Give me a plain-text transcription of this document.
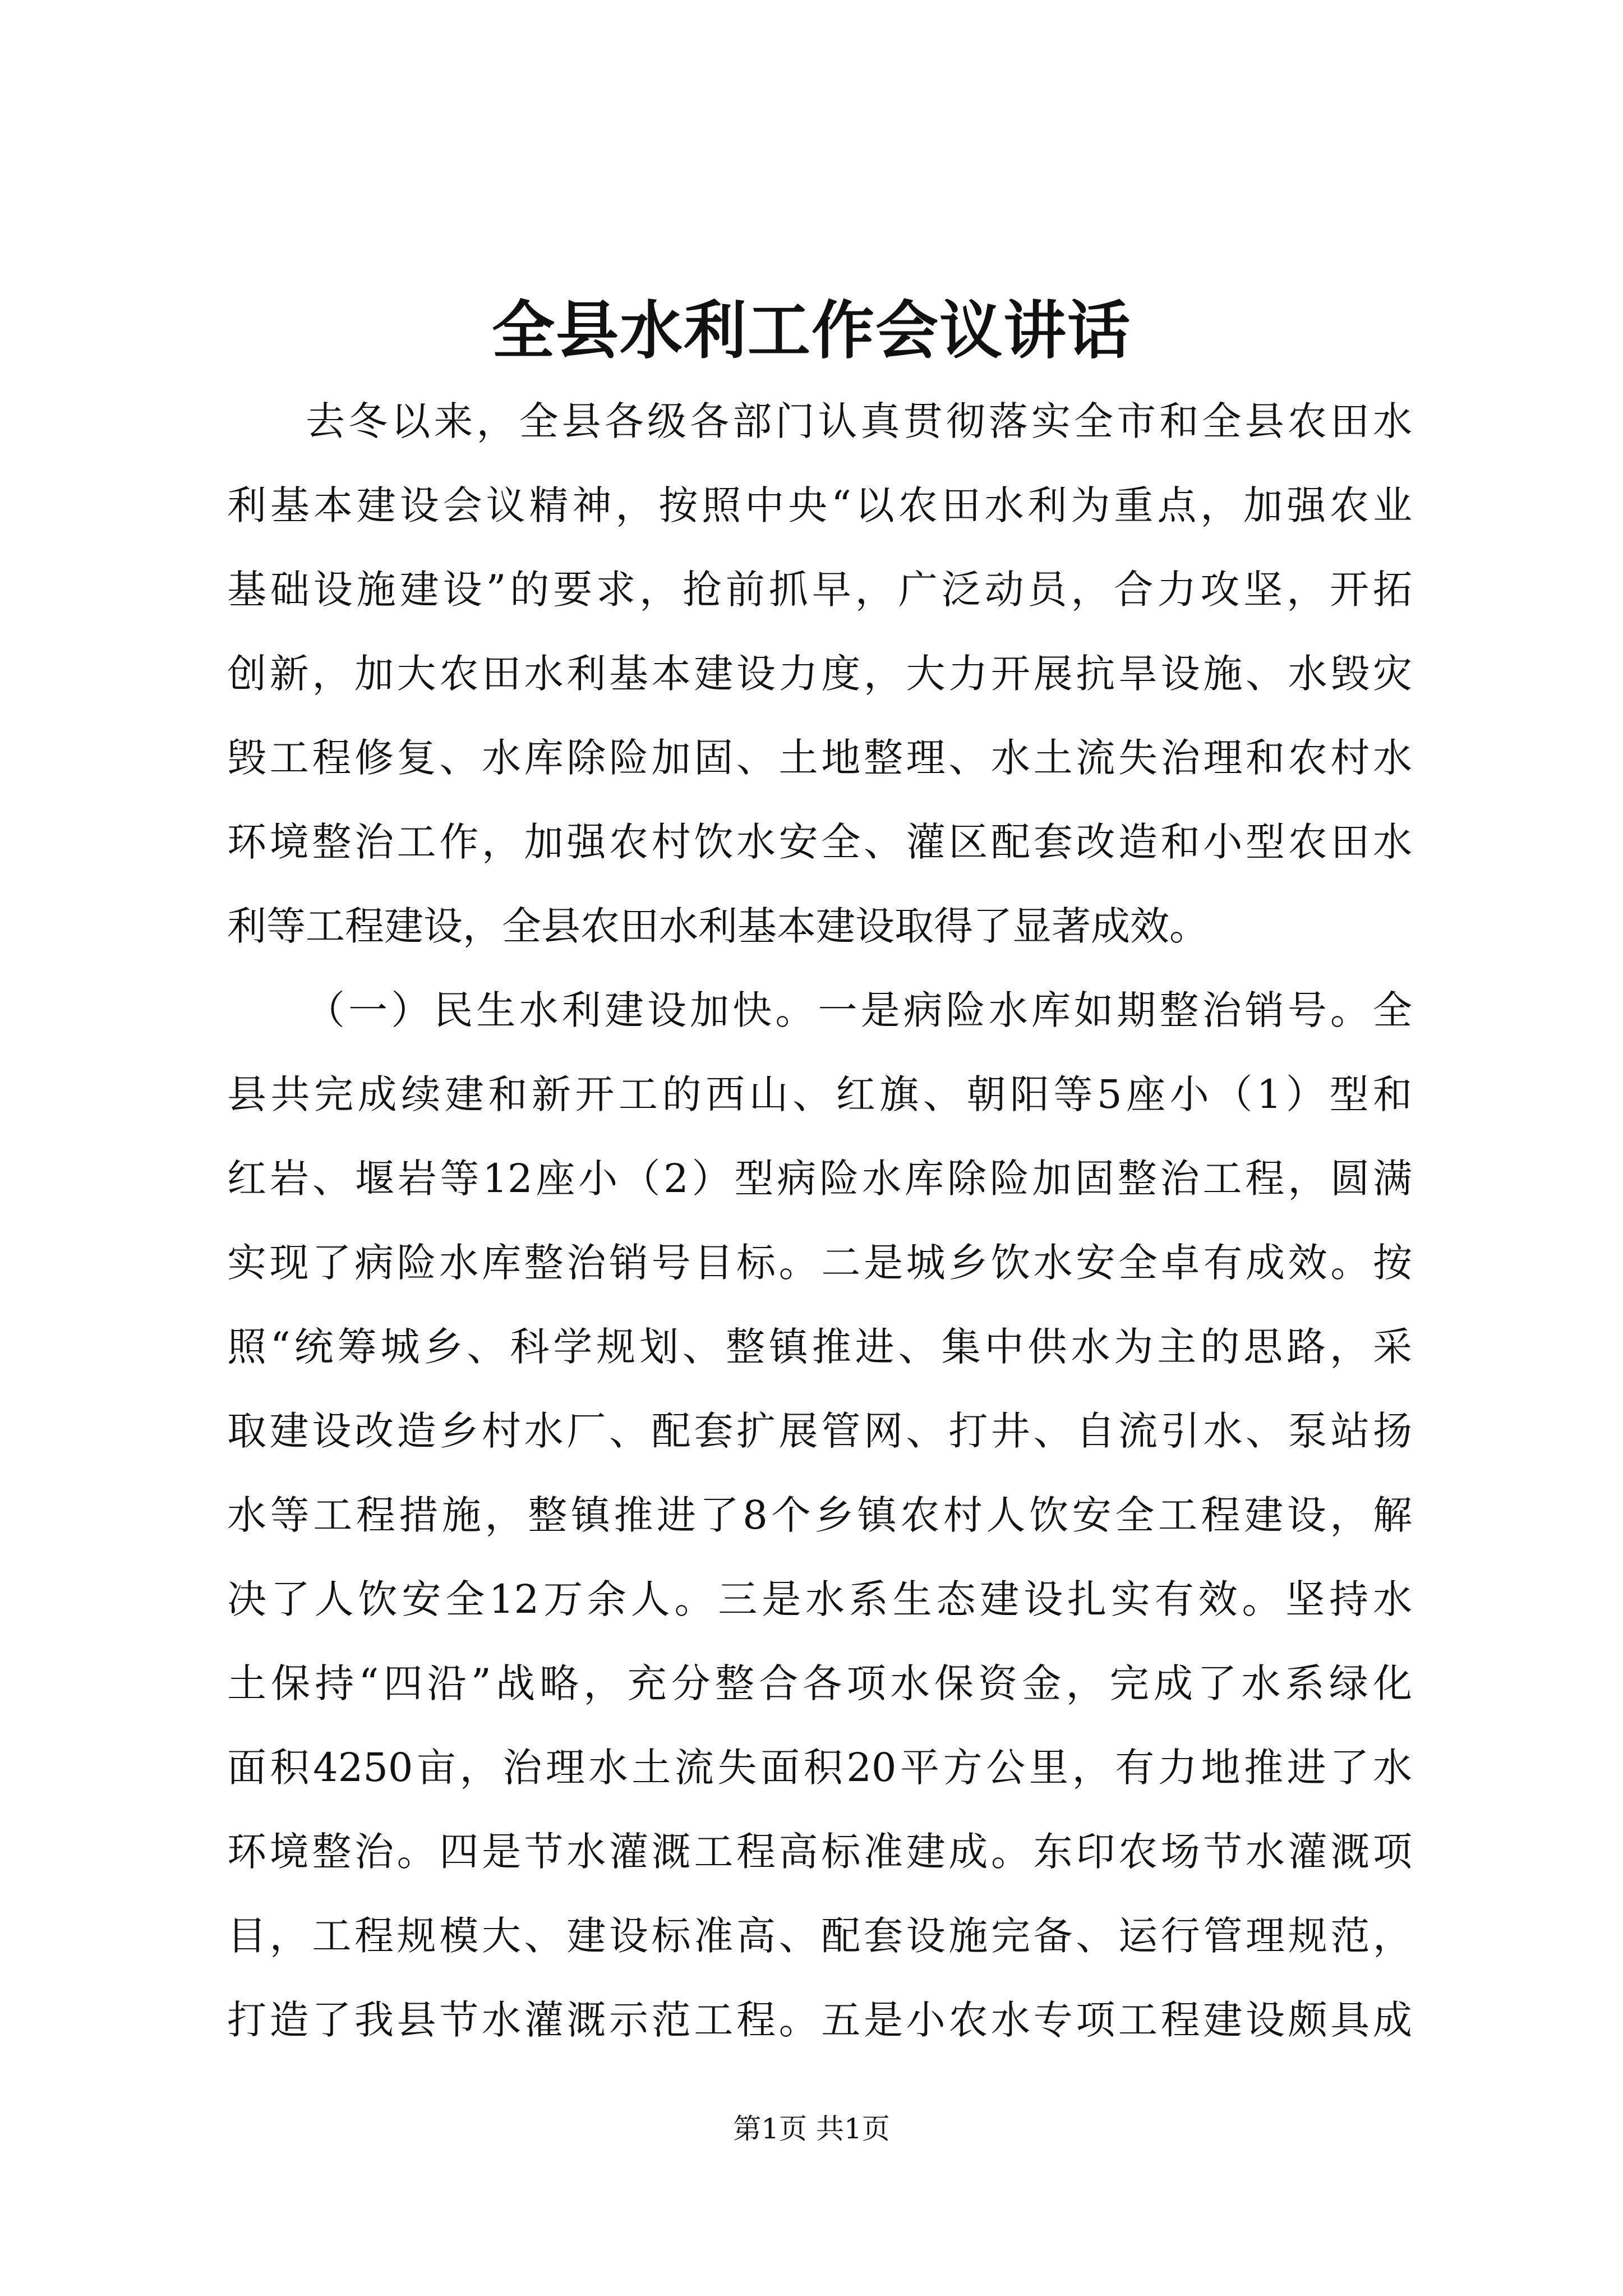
全县水利工作会议讲话
去冬以来，全县各级各部门认真贯彻落实全市和全县农田水
利基本建设会议精神，按照中央“以农田水利为重点，加强农业
基础设施建设”的要求，抢前抓早，广泛动员，合力攻坚，开拓
创新，加大农田水利基本建设力度，大力开展抗旱设施、水毁灾
毁工程修复、水库除险加固、土地整理、水土流失治理和农村水
环境整治工作，加强农村饮水安全、灌区配套改造和小型农田水
利等工程建设，全县农田水利基本建设取得了显著成效。
（一）民生水利建设加快。一是病险水库如期整治销号。全
县共完成续建和新开工的西山、红旗、朝阳等5座小（1）型和
红岩、堰岩等12座小（2）型病险水库除险加固整治工程，圆满
实现了病险水库整治销号目标。二是城乡饮水安全卓有成效。按
照“统筹城乡、科学规划、整镇推进、集中供水为主的思路，采
取建设改造乡村水厂、配套扩展管网、打井、自流引水、泵站扬
水等工程措施，整镇推进了8个乡镇农村人饮安全工程建设，解
决了人饮安全12万余人。三是水系生态建设扎实有效。坚持水
土保持“四沿”战略，充分整合各项水保资金，完成了水系绿化
面积4250亩，治理水土流失面积20平方公里，有力地推进了水
环境整治。四是节水灌溉工程高标准建成。东印农场节水灌溉项
目，工程规模大、建设标准高、配套设施完备、运行管理规范，
打造了我县节水灌溉示范工程。五是小农水专项工程建设颇具成
第1页 共1页
